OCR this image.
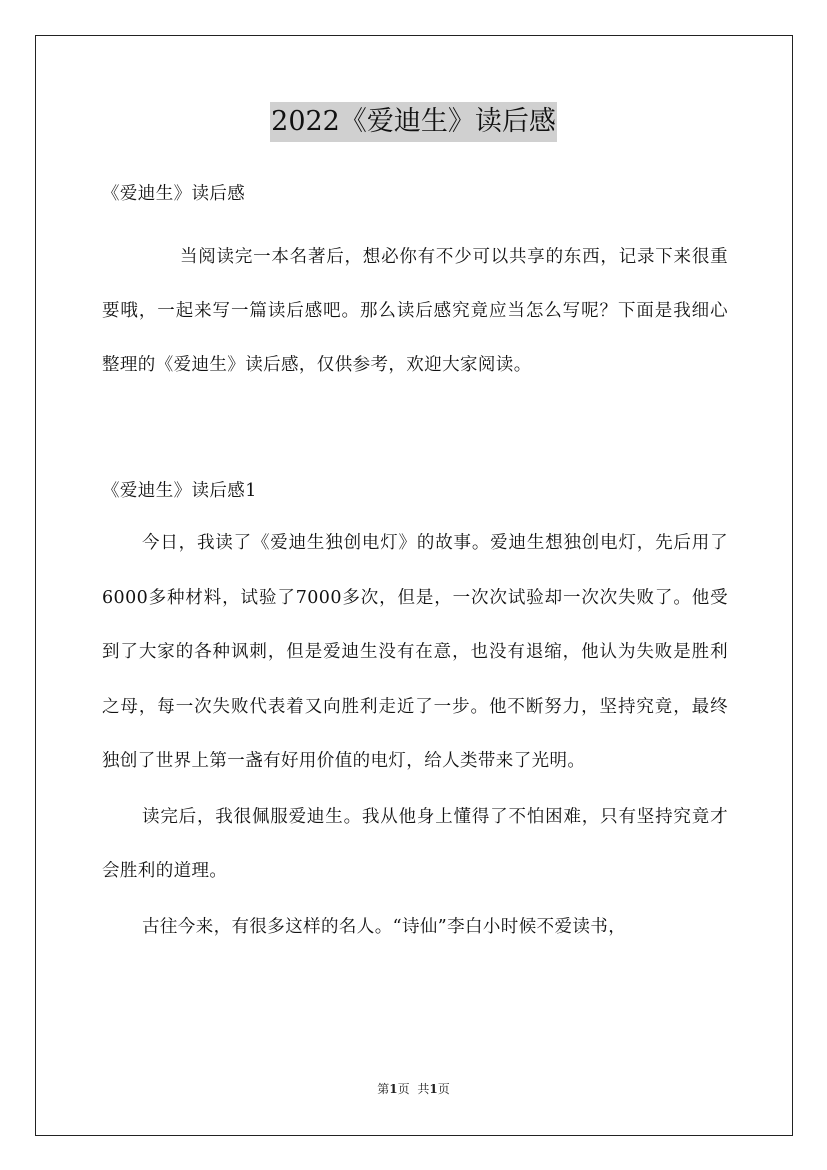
2022《爱迪生》读后感

《爱迪生》读后感

当阅读完一本名著后，想必你有不少可以共享的东西，记录下来很重要哦，一起来写一篇读后感吧。那么读后感究竟应当怎么写呢？下面是我细心整理的《爱迪生》读后感，仅供参考，欢迎大家阅读。

《爱迪生》读后感1

今日，我读了《爱迪生独创电灯》的故事。爱迪生想独创电灯，先后用了6000多种材料，试验了7000多次，但是，一次次试验却一次次失败了。他受到了大家的各种讽刺，但是爱迪生没有在意，也没有退缩，他认为失败是胜利之母，每一次失败代表着又向胜利走近了一步。他不断努力，坚持究竟，最终独创了世界上第一盏有好用价值的电灯，给人类带来了光明。

读完后，我很佩服爱迪生。我从他身上懂得了不怕困难，只有坚持究竟才会胜利的道理。

古往今来，有很多这样的名人。“诗仙”李白小时候不爱读书，

第1页 共1页
